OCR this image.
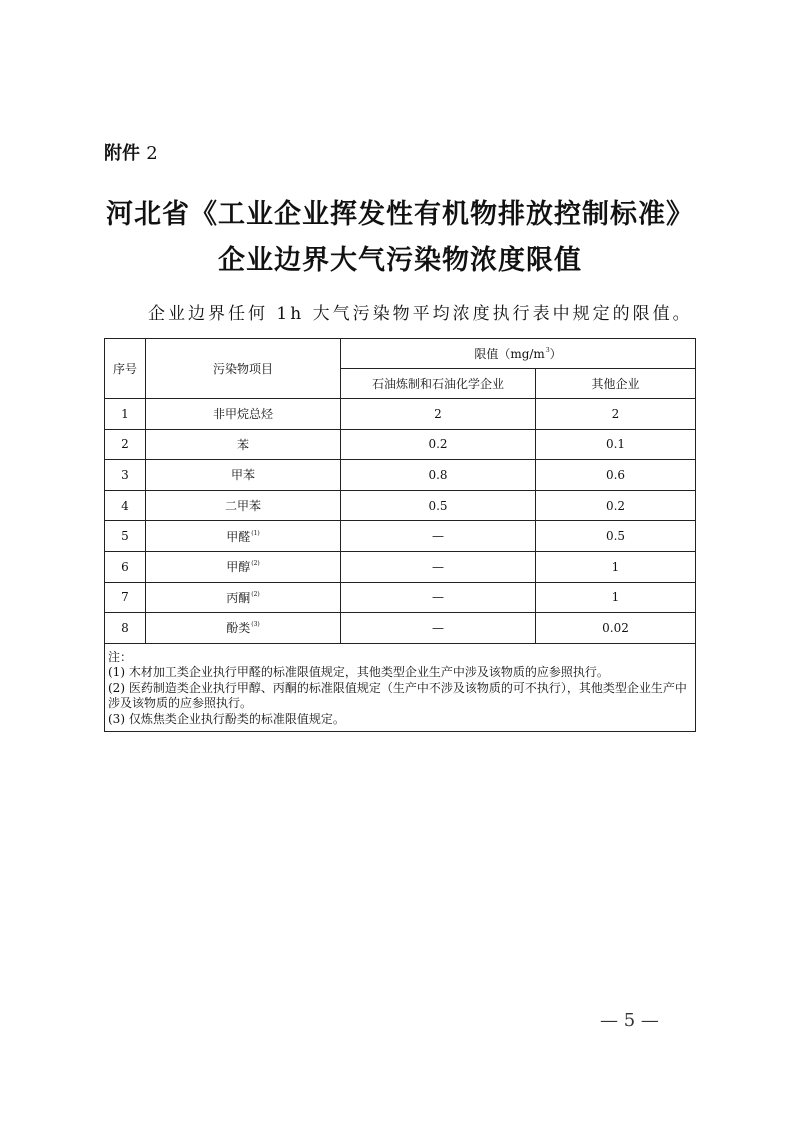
附件 2
河北省《工业企业挥发性有机物排放控制标准》
企业边界大气污染物浓度限值
企业边界任何 1h 大气污染物平均浓度执行表中规定的限值。
序号	污染物项目	限值$(mg/m^3)$	
		石油炼制和石油化学企业	其他企业
1	非甲烷总烃	2	2
2	苯	0.2	0.1
3	甲苯	0.8	0.6
4	二甲苯	0.5	0.2
5	甲醛$^{(1)}$	—	0.5
6	甲醇$^{(2)}$	—	1
7	丙酮$^{(2)}$	—	1
8	酚类$^{(3)}$	—	0.02

注：
(1) 木材加工类企业执行甲醛的标准限值规定，其他类型企业生产中涉及该物质的应参照执行。
(2) 医药制造类企业执行甲醇、丙酮的标准限值规定（生产中不涉及该物质的可不执行），其他类型企业生产中涉及该物质的应参照执行。
(3) 仅炼焦类企业执行酚类的标准限值规定。			
— 5 —
